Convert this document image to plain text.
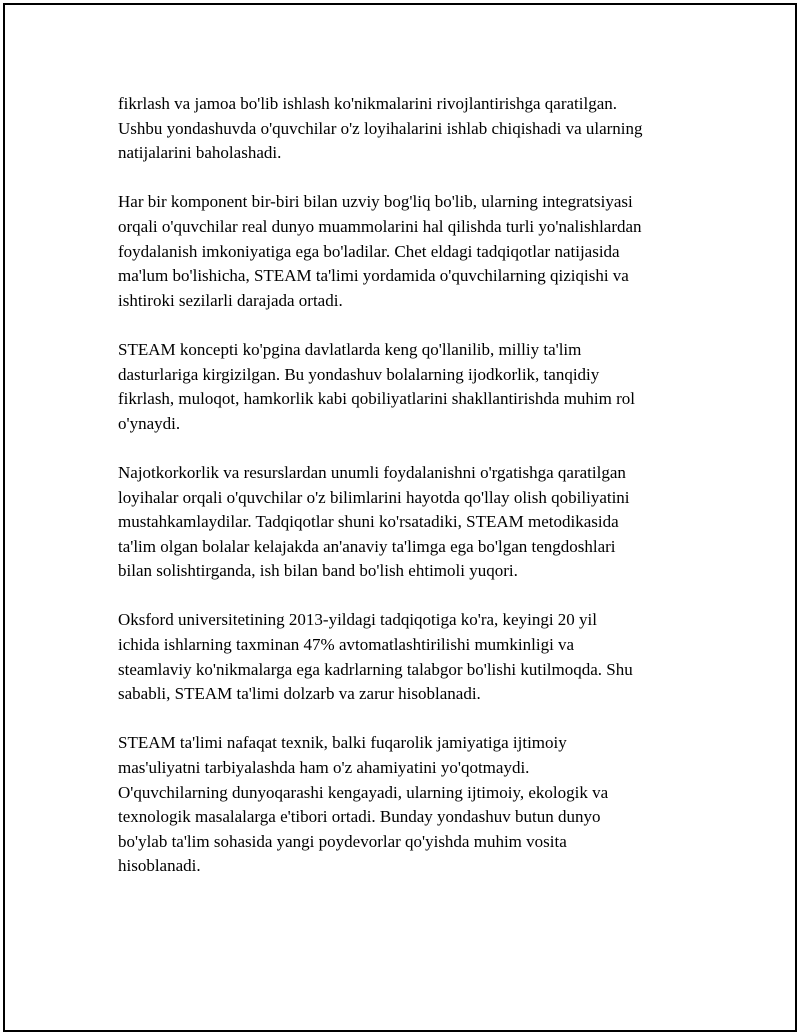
fikrlash va jamoa bo'lib ishlash ko'nikmalarini rivojlantirishga qaratilgan.
Ushbu yondashuvda o'quvchilar o'z loyihalarini ishlab chiqishadi va ularning
natijalarini baholashadi.

Har bir komponent bir-biri bilan uzviy bog'liq bo'lib, ularning integratsiyasi
orqali o'quvchilar real dunyo muammolarini hal qilishda turli yo'nalishlardan
foydalanish imkoniyatiga ega bo'ladilar. Chet eldagi tadqiqotlar natijasida
ma'lum bo'lishicha, STEAM ta'limi yordamida o'quvchilarning qiziqishi va
ishtiroki sezilarli darajada ortadi.

STEAM koncepti ko'pgina davlatlarda keng qo'llanilib, milliy ta'lim
dasturlariga kirgizilgan. Bu yondashuv bolalarning ijodkorlik, tanqidiy
fikrlash, muloqot, hamkorlik kabi qobiliyatlarini shakllantirishda muhim rol
o'ynaydi.

Najotkorkorlik va resurslardan unumli foydalanishni o'rgatishga qaratilgan
loyihalar orqali o'quvchilar o'z bilimlarini hayotda qo'llay olish qobiliyatini
mustahkamlaydilar. Tadqiqotlar shuni ko'rsatadiki, STEAM metodikasida
ta'lim olgan bolalar kelajakda an'anaviy ta'limga ega bo'lgan tengdoshlari
bilan solishtirganda, ish bilan band bo'lish ehtimoli yuqori.

Oksford universitetining 2013-yildagi tadqiqotiga ko'ra, keyingi 20 yil
ichida ishlarning taxminan 47% avtomatlashtirilishi mumkinligi va
steamlaviy ko'nikmalarga ega kadrlarning talabgor bo'lishi kutilmoqda. Shu
sababli, STEAM ta'limi dolzarb va zarur hisoblanadi.

STEAM ta'limi nafaqat texnik, balki fuqarolik jamiyatiga ijtimoiy
mas'uliyatni tarbiyalashda ham o'z ahamiyatini yo'qotmaydi.
O'quvchilarning dunyoqarashi kengayadi, ularning ijtimoiy, ekologik va
texnologik masalalarga e'tibori ortadi. Bunday yondashuv butun dunyo
bo'ylab ta'lim sohasida yangi poydevorlar qo'yishda muhim vosita
hisoblanadi.
